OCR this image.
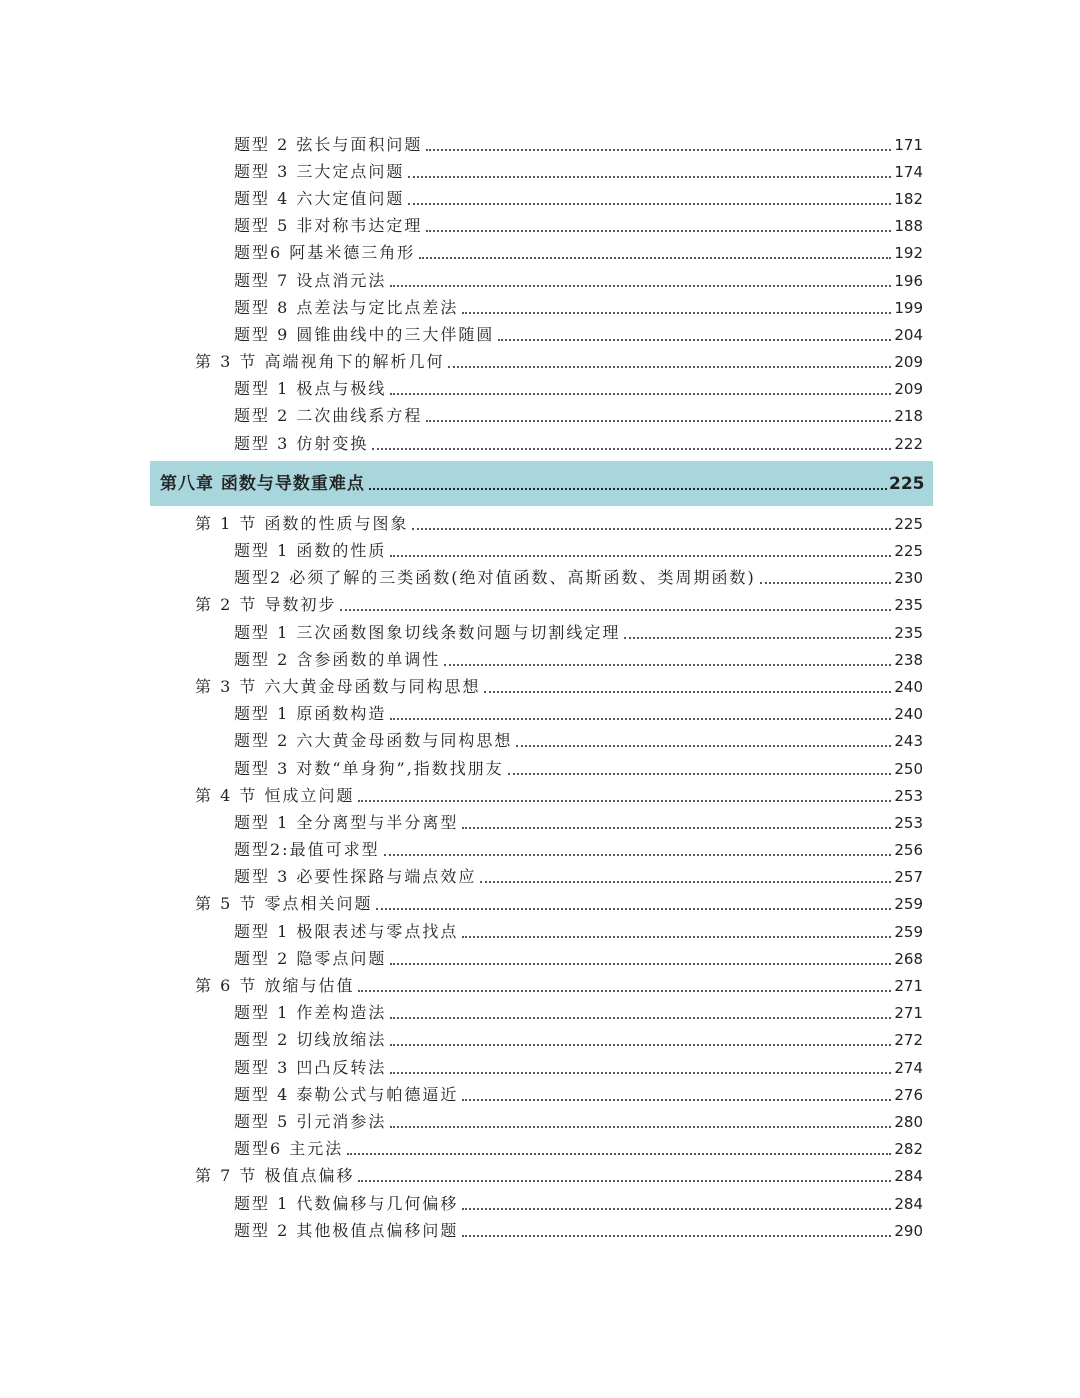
题型 2 弦长与面积问题	171
题型 3 三大定点问题	174
题型 4 六大定值问题	182
题型 5 非对称韦达定理	188
题型6 阿基米德三角形	192
题型 7 设点消元法	196
题型 8 点差法与定比点差法	199
题型 9 圆锥曲线中的三大伴随圆	204
第 3 节 高端视角下的解析几何	209
题型 1 极点与极线	209
题型 2 二次曲线系方程	218
题型 3 仿射变换	222
第八章 函数与导数重难点	225
第 1 节 函数的性质与图象	225
题型 1 函数的性质	225
题型2 必须了解的三类函数(绝对值函数、高斯函数、类周期函数)	230
第 2 节 导数初步	235
题型 1 三次函数图象切线条数问题与切割线定理	235
题型 2 含参函数的单调性	238
第 3 节 六大黄金母函数与同构思想	240
题型 1 原函数构造	240
题型 2 六大黄金母函数与同构思想	243
题型 3 对数“单身狗”,指数找朋友	250
第 4 节 恒成立问题	253
题型 1 全分离型与半分离型	253
题型2:最值可求型	256
题型 3 必要性探路与端点效应	257
第 5 节 零点相关问题	259
题型 1 极限表述与零点找点	259
题型 2 隐零点问题	268
第 6 节 放缩与估值	271
题型 1 作差构造法	271
题型 2 切线放缩法	272
题型 3 凹凸反转法	274
题型 4 泰勒公式与帕德逼近	276
题型 5 引元消参法	280
题型6 主元法	282
第 7 节 极值点偏移	284
题型 1 代数偏移与几何偏移	284
题型 2 其他极值点偏移问题	290
